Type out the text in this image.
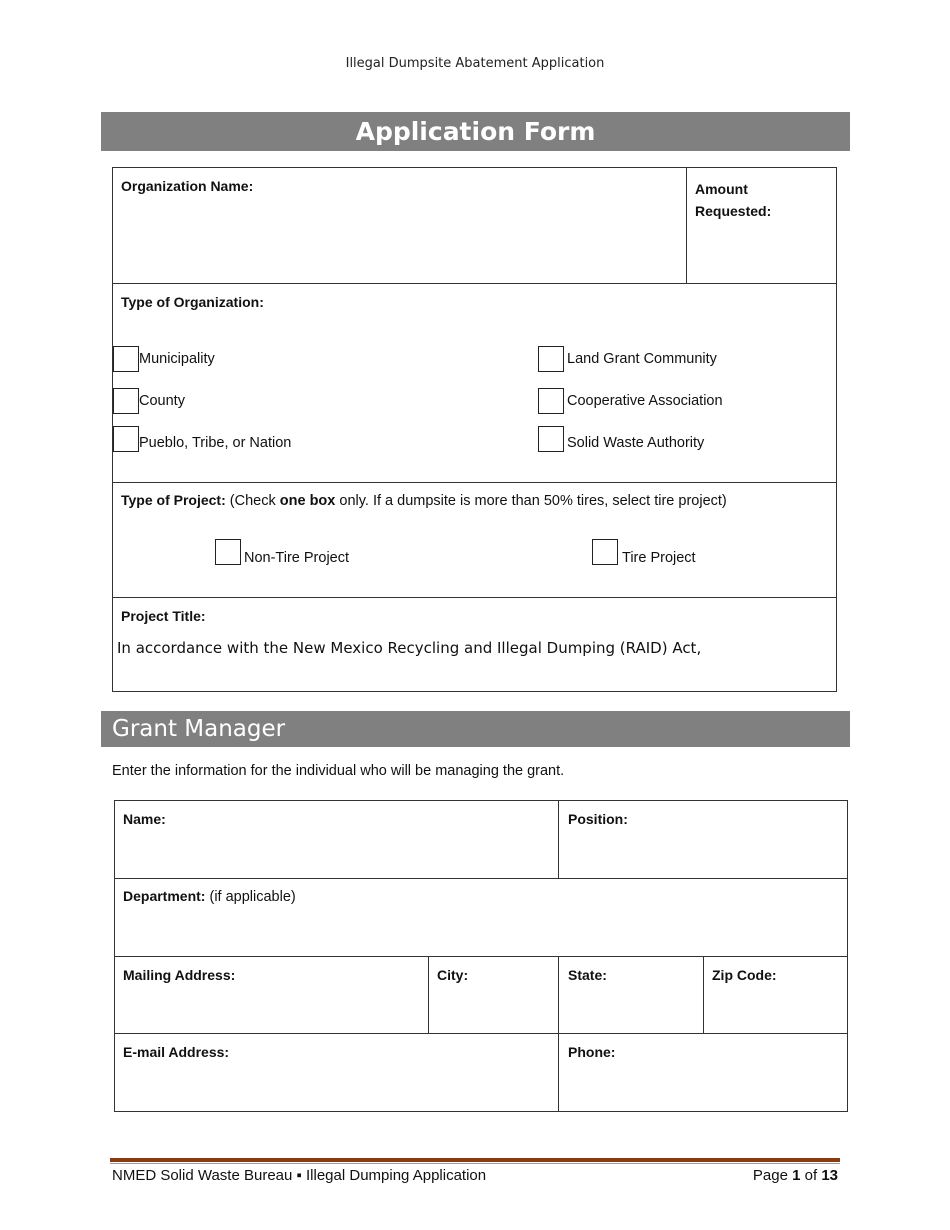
Illegal Dumpsite Abatement Application
Application Form
Organization Name:	Amount
Requested:
Type of Organization:
Municipality
County
Pueblo, Tribe, or Nation
Land Grant Community
Cooperative Association
Solid Waste Authority
Type of Project: (Check one box only. If a dumpsite is more than 50% tires, select tire project)
Non-Tire Project	Tire Project
Project Title:
In accordance with the New Mexico Recycling and Illegal Dumping (RAID) Act,
Grant Manager
Enter the information for the individual who will be managing the grant.
Name:	Position:
Department: (if applicable)
Mailing Address:	City:	State:	Zip Code:
E-mail Address:	Phone:
NMED Solid Waste Bureau ▪ Illegal Dumping Application	Page 1 of 13
